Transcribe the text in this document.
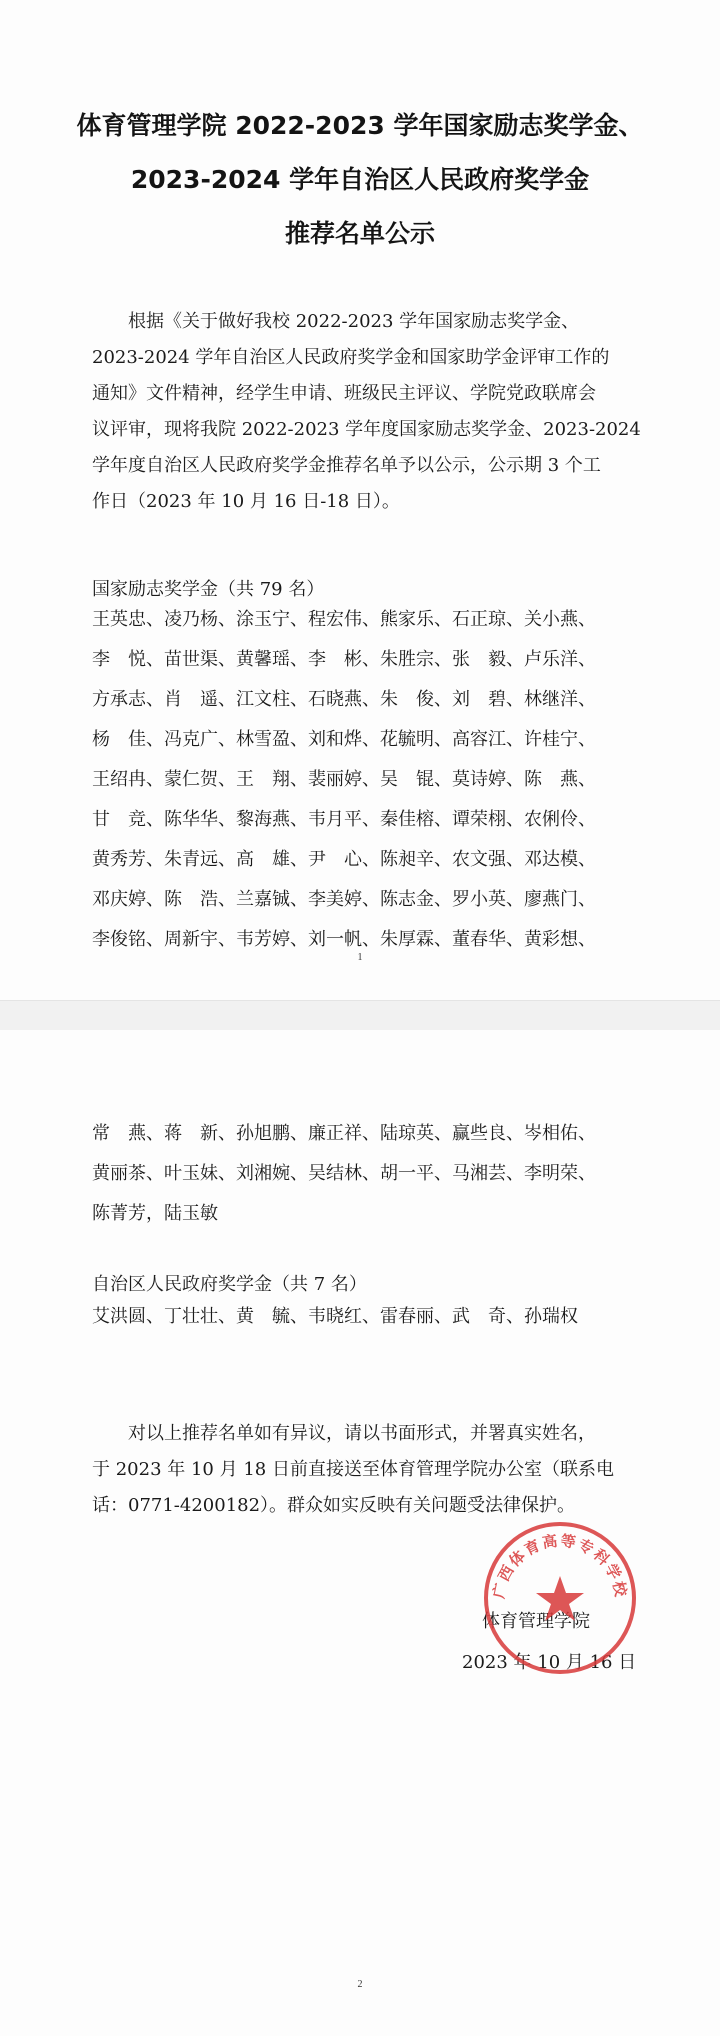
体育管理学院 2022-2023 学年国家励志奖学金、
2023-2024 学年自治区人民政府奖学金
推荐名单公示
根据《关于做好我校 2022-2023 学年国家励志奖学金、
2023-2024 学年自治区人民政府奖学金和国家助学金评审工作的
通知》文件精神，经学生申请、班级民主评议、学院党政联席会
议评审，现将我院 2022-2023 学年度国家励志奖学金、2023-2024
学年度自治区人民政府奖学金推荐名单予以公示，公示期 3 个工
作日（2023 年 10 月 16 日-18 日）。
国家励志奖学金（共 79 名）
王英忠、凌乃杨、涂玉宁、程宏伟、熊家乐、石正琼、关小燕、
李　悦、苗世渠、黄馨瑶、李　彬、朱胜宗、张　毅、卢乐洋、
方承志、肖　遥、江文柱、石晓燕、朱　俊、刘　碧、林继洋、
杨　佳、冯克广、林雪盈、刘和烨、花毓明、高容江、许桂宁、
王绍冉、蒙仁贺、王　翔、裴丽婷、吴　锟、莫诗婷、陈　燕、
甘　竞、陈华华、黎海燕、韦月平、秦佳榕、谭荣栩、农俐伶、
黄秀芳、朱青远、高　雄、尹　心、陈昶辛、农文强、邓达模、
邓庆婷、陈　浩、兰嘉铖、李美婷、陈志金、罗小英、廖燕门、
李俊铭、周新宇、韦芳婷、刘一帆、朱厚霖、董春华、黄彩想、
1
常　燕、蒋　新、孙旭鹏、廉正祥、陆琼英、赢些良、岑相佑、
黄丽茶、叶玉妹、刘湘婉、吴结林、胡一平、马湘芸、李明荣、
陈菁芳，陆玉敏
自治区人民政府奖学金（共 7 名）
艾洪圆、丁壮壮、黄　毓、韦晓红、雷春丽、武　奇、孙瑞权
对以上推荐名单如有异议，请以书面形式，并署真实姓名，
于 2023 年 10 月 18 日前直接送至体育管理学院办公室（联系电
话：0771-4200182）。群众如实反映有关问题受法律保护。
体育管理学院
2023 年 10 月 16 日
2
广西体育高等专科学校
